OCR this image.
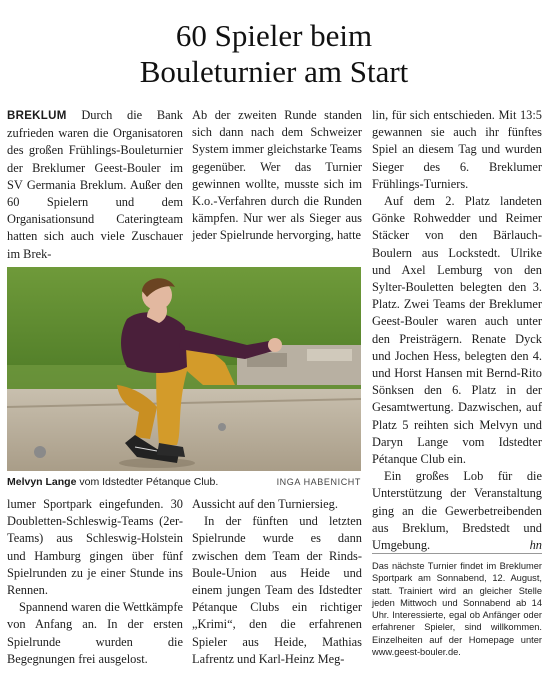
60 Spieler beim
Bouleturnier am Start

BREKLUM Durch die Bank zufrieden waren die Organisatoren des großen Frühlings-Bouleturnier der Breklumer Geest-Bouler im SV Germania Breklum. Außer den 60 Spielern und dem Organisationsund Cateringteam hatten sich auch viele Zuschauer im Brek-

Ab der zweiten Runde standen sich dann nach dem Schweizer System immer gleichstarke Teams gegenüber. Wer das Turnier gewinnen wollte, musste sich im K.o.-Verfahren durch die Runden kämpfen. Nur wer als Sieger aus jeder Spielrunde hervorging, hatte

lin, für sich entschieden. Mit 13:5 gewannen sie auch ihr fünftes Spiel an diesem Tag und wurden Sieger des 6. Breklumer Frühlings-Turniers.

Auf dem 2. Platz landeten Gönke Rohwedder und Reimer Stäcker von den Bärlauch-Boulern aus Lockstedt. Ulrike und Axel Lemburg von den Sylter-Bouletten belegten den 3. Platz. Zwei Teams der Breklumer Geest-Bouler waren auch unter den Preisträgern. Renate Dyck und Jochen Hess, belegten den 4. und Horst Hansen mit Bernd-Rito Sönksen den 6. Platz in der Gesamtwertung. Dazwischen, auf Platz 5 reihten sich Melvyn und Daryn Lange vom Idstedter Pétanque Club ein.

Ein großes Lob für die Unterstützung der Veranstaltung ging an die Gewerbetreibenden aus Breklum, Bredstedt und Umgebung.	hn

Melvyn Lange vom Idstedter Pétanque Club.	INGA HABENICHT

lumer Sportpark eingefunden. 30 Doubletten-Schleswig-Teams (2er-Teams) aus Schleswig-Holstein und Hamburg gingen über fünf Spielrunden zu je einer Stunde ins Rennen.

Spannend waren die Wettkämpfe von Anfang an. In der ersten Spielrunde wurden die Begegnungen frei ausgelost.

Aussicht auf den Turniersieg.

In der fünften und letzten Spielrunde wurde es dann zwischen dem Team der Rinds-Boule-Union aus Heide und einem jungen Team des Idstedter Pétanque Clubs ein richtiger „Krimi“, den die erfahrenen Spieler aus Heide, Mathias Lafrentz und Karl-Heinz Meg-

Das nächste Turnier findet im Breklumer Sportpark am Sonnabend, 12. August, statt. Trainiert wird an gleicher Stelle jeden Mittwoch und Sonnabend ab 14 Uhr. Interessierte, egal ob Anfänger oder erfahrener Spieler, sind willkommen. Einzelheiten auf der Homepage unter www.geest-bouler.de.
